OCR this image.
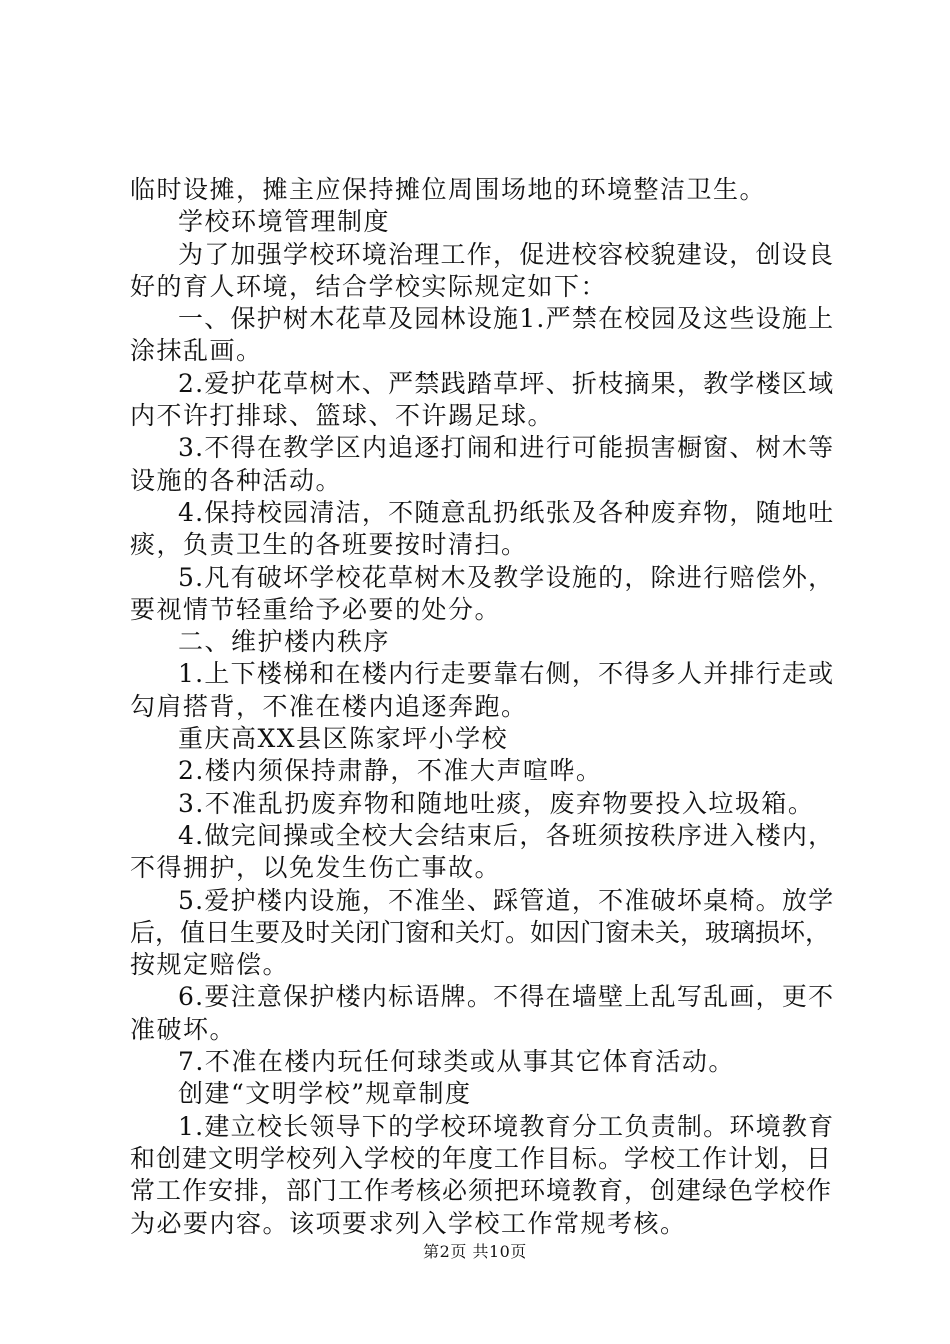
临时设摊，摊主应保持摊位周围场地的环境整洁卫生。
学校环境管理制度
为了加强学校环境治理工作，促进校容校貌建设，创设良
好的育人环境，结合学校实际规定如下：
一、保护树木花草及园林设施1.严禁在校园及这些设施上
涂抹乱画。
2.爱护花草树木、严禁践踏草坪、折枝摘果，教学楼区域
内不许打排球、篮球、不许踢足球。
3.不得在教学区内追逐打闹和进行可能损害橱窗、树木等
设施的各种活动。
4.保持校园清洁，不随意乱扔纸张及各种废弃物，随地吐
痰，负责卫生的各班要按时清扫。
5.凡有破坏学校花草树木及教学设施的，除进行赔偿外，
要视情节轻重给予必要的处分。
二、维护楼内秩序
1.上下楼梯和在楼内行走要靠右侧，不得多人并排行走或
勾肩搭背，不准在楼内追逐奔跑。
重庆高XX县区陈家坪小学校
2.楼内须保持肃静，不准大声喧哗。
3.不准乱扔废弃物和随地吐痰，废弃物要投入垃圾箱。
4.做完间操或全校大会结束后，各班须按秩序进入楼内，
不得拥护，以免发生伤亡事故。
5.爱护楼内设施，不准坐、踩管道，不准破坏桌椅。放学
后，值日生要及时关闭门窗和关灯。如因门窗未关，玻璃损坏，
按规定赔偿。
6.要注意保护楼内标语牌。不得在墙壁上乱写乱画，更不
准破坏。
7.不准在楼内玩任何球类或从事其它体育活动。
创建“文明学校”规章制度
1.建立校长领导下的学校环境教育分工负责制。环境教育
和创建文明学校列入学校的年度工作目标。学校工作计划，日
常工作安排，部门工作考核必须把环境教育，创建绿色学校作
为必要内容。该项要求列入学校工作常规考核。
第2页 共10页
